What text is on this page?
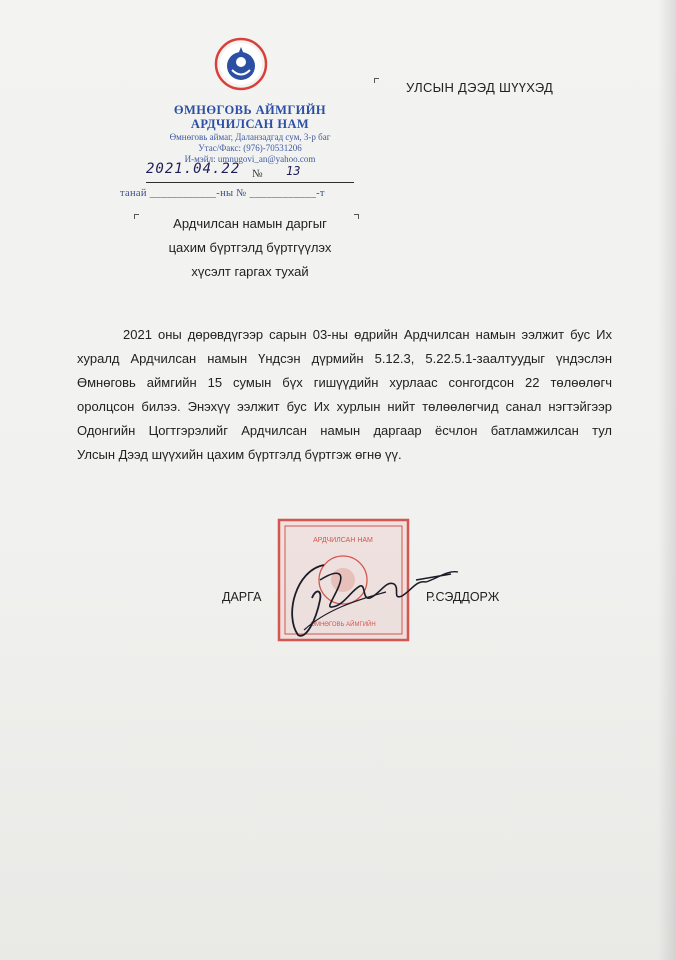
ӨМНӨГОВЬ АЙМГИЙН
АРДЧИЛСАН НАМ
Өмнөговь аймаг, Даланзадгад сум, 3-р баг
Утас/Факс: (976)-70531206
И-мэйл: umnugovi_an@yahoo.com
2021.04.22 № 13
танай ____________-ны № ____________-т
УЛСЫН ДЭЭД ШҮҮХЭД
Ардчилсан намын даргыг
цахим бүртгэлд бүртгүүлэх
хүсэлт гаргах тухай
2021 оны дөрөвдүгээр сарын 03-ны өдрийн Ардчилсан намын ээлжит бус Их
хуралд Ардчилсан намын Үндсэн дүрмийн 5.12.3, 5.22.5.1-заалтуудыг үндэслэн
Өмнөговь аймгийн 15 сумын бүх гишүүдийн хурлаас сонгогдсон 22 төлөөлөгч
оролцсон билээ. Энэхүү ээлжит бус Их хурлын нийт төлөөлөгчид санал нэгтэйгээр
Одонгийн Цогтгэрэлийг Ардчилсан намын даргаар ёсчлон батламжилсан тул
Улсын Дээд шүүхийн цахим бүртгэлд бүртгэж өгнө үү.
АРДЧИЛСАН НАМ
ӨМНӨГОВЬ АЙМГИЙН
ДАРГА	Р.СЭДДОРЖ
